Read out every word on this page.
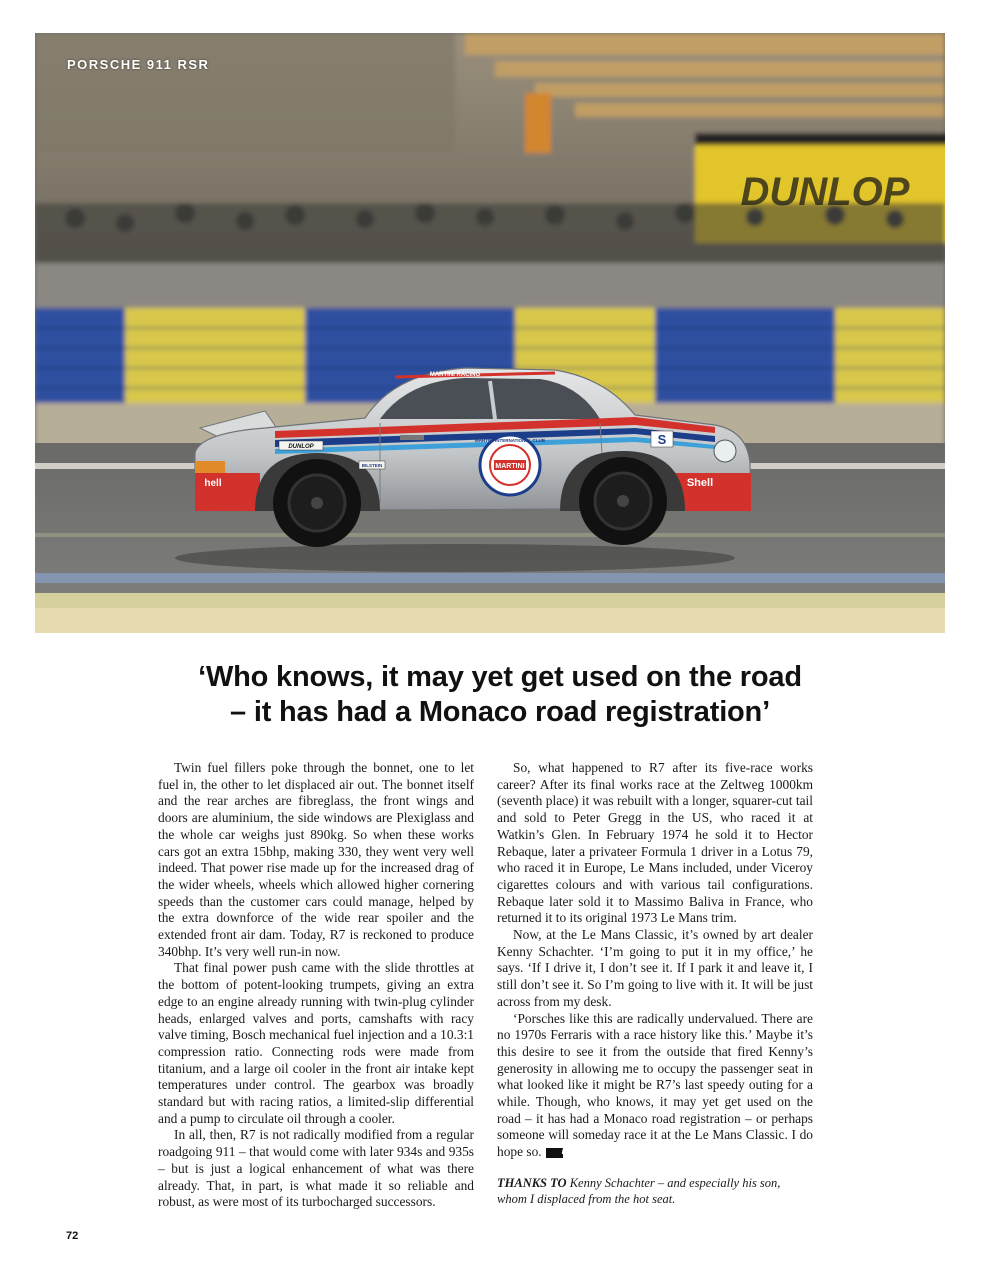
MARTINI
MARTINI INTERNATIONAL CLUB
Shell
hell
DUNLOP
BILSTEIN
MARTINI RACING
S
DUNLOP
PORSCHE 911 RSR
‘Who knows, it may yet get used on the road
– it has had a Monaco road registration’

Twin fuel fillers poke through the bonnet, one to let fuel in, the other to let displaced air out. The bonnet itself and the rear arches are fibreglass, the front wings and doors are aluminium, the side windows are Plexiglass and the whole car weighs just 890kg. So when these works cars got an extra 15bhp, making 330, they went very well indeed. That power rise made up for the increased drag of the wider wheels, wheels which allowed higher cornering speeds than the customer cars could manage, helped by the extra downforce of the wide rear spoiler and the extended front air dam. Today, R7 is reckoned to produce 340bhp. It’s very well run-in now.

That final power push came with the slide throttles at the bottom of potent-looking trumpets, giving an extra edge to an engine already running with twin-plug cylinder heads, enlarged valves and ports, camshafts with racy valve timing, Bosch mechanical fuel injection and a 10.3:1 compression ratio. Connecting rods were made from titanium, and a large oil cooler in the front air intake kept temperatures under control. The gearbox was broadly standard but with racing ratios, a limited-slip differential and a pump to circulate oil through a cooler.

In all, then, R7 is not radically modified from a regular roadgoing 911 – that would come with later 934s and 935s – but is just a logical enhancement of what was there already. That, in part, is what made it so reliable and robust, as were most of its turbocharged successors.

So, what happened to R7 after its five-race works career? After its final works race at the Zeltweg 1000km (seventh place) it was rebuilt with a longer, squarer-cut tail and sold to Peter Gregg in the US, who raced it at Watkin’s Glen. In February 1974 he sold it to Hector Rebaque, later a privateer Formula 1 driver in a Lotus 79, who raced it in Europe, Le Mans included, under Viceroy cigarettes colours and with various tail configurations. Rebaque later sold it to Massimo Baliva in France, who returned it to its original 1973 Le Mans trim.

Now, at the Le Mans Classic, it’s owned by art dealer Kenny Schachter. ‘I’m going to put it in my office,’ he says. ‘If I drive it, I don’t see it. If I park it and leave it, I still don’t see it. So I’m going to live with it. It will be just across from my desk.

‘Porsches like this are radically undervalued. There are no 1970s Ferraris with a race history like this.’ Maybe it’s this desire to see it from the outside that fired Kenny’s generosity in allowing me to occupy the passenger seat in what looked like it might be R7’s last speedy outing for a while. Though, who knows, it may yet get used on the road – it has had a Monaco road registration – or perhaps someone will someday race it at the Le Mans Classic. I do hope so.	End

THANKS TO Kenny Schachter – and especially his son, whom I displaced from the hot seat.

72
